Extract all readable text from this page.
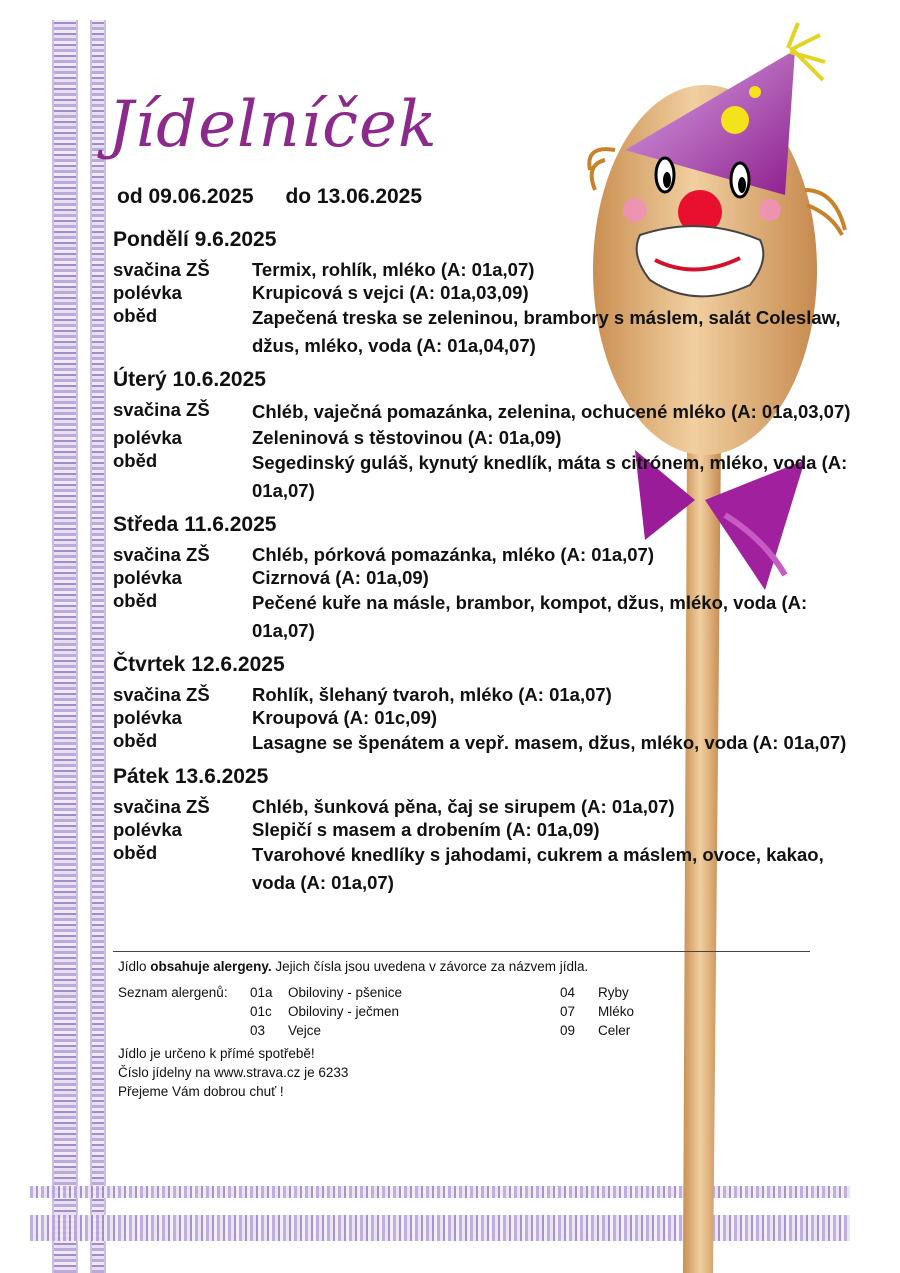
Jídelníček
od 09.06.2025 do 13.06.2025
Pondělí 9.6.2025
svačina ZŠ	Termix, rohlík, mléko (A: 01a,07)
polévka	Krupicová s vejci (A: 01a,03,09)
oběd	Zapečená treska se zeleninou, brambory s máslem, salát Coleslaw, džus, mléko, voda (A: 01a,04,07)
Úterý 10.6.2025
svačina ZŠ	Chléb, vaječná pomazánka, zelenina, ochucené mléko (A: 01a,03,07)
polévka	Zeleninová s těstovinou (A: 01a,09)
oběd	Segedinský guláš, kynutý knedlík, máta s citrónem, mléko, voda (A: 01a,07)
Středa 11.6.2025
svačina ZŠ	Chléb, pórková pomazánka, mléko (A: 01a,07)
polévka	Cizrnová (A: 01a,09)
oběd	Pečené kuře na másle, brambor, kompot, džus, mléko, voda (A: 01a,07)
Čtvrtek 12.6.2025
svačina ZŠ	Rohlík, šlehaný tvaroh, mléko (A: 01a,07)
polévka	Kroupová (A: 01c,09)
oběd	Lasagne se špenátem a vepř. masem, džus, mléko, voda (A: 01a,07)
Pátek 13.6.2025
svačina ZŠ	Chléb, šunková pěna, čaj se sirupem (A: 01a,07)
polévka	Slepičí s masem a drobením (A: 01a,09)
oběd	Tvarohové knedlíky s jahodami, cukrem a máslem, ovoce, kakao, voda (A: 01a,07)
Jídlo obsahuje alergeny. Jejich čísla jsou uvedena v závorce za názvem jídla.
Seznam alergenů: 01a Obiloviny - pšenice
01c Obiloviny - ječmen
03 Vejce
04 Ryby
07 Mléko
09 Celer
Jídlo je určeno k přímé spotřebě!
Číslo jídelny na www.strava.cz je 6233
Přejeme Vám dobrou chuť !
